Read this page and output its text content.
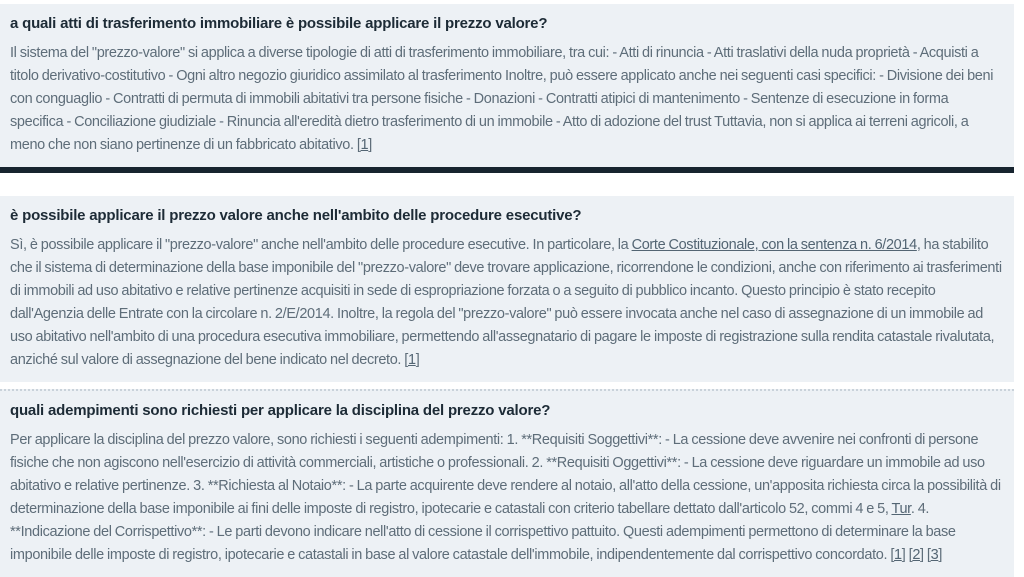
a quali atti di trasferimento immobiliare è possibile applicare il prezzo valore?

Il sistema del "prezzo-valore" si applica a diverse tipologie di atti di trasferimento immobiliare, tra cui: - Atti di rinuncia - Atti traslativi della nuda proprietà - Acquisti a titolo derivativo-costitutivo - Ogni altro negozio giuridico assimilato al trasferimento Inoltre, può essere applicato anche nei seguenti casi specifici: - Divisione dei beni con conguaglio - Contratti di permuta di immobili abitativi tra persone fisiche - Donazioni - Contratti atipici di mantenimento - Sentenze di esecuzione in forma specifica - Conciliazione giudiziale - Rinuncia all'eredità dietro trasferimento di un immobile - Atto di adozione del trust Tuttavia, non si applica ai terreni agricoli, a meno che non siano pertinenze di un fabbricato abitativo. [1]

è possibile applicare il prezzo valore anche nell'ambito delle procedure esecutive?

Sì, è possibile applicare il "prezzo-valore" anche nell'ambito delle procedure esecutive. In particolare, la Corte Costituzionale, con la sentenza n. 6/2014, ha stabilito che il sistema di determinazione della base imponibile del "prezzo-valore" deve trovare applicazione, ricorrendone le condizioni, anche con riferimento ai trasferimenti di immobili ad uso abitativo e relative pertinenze acquisiti in sede di espropriazione forzata o a seguito di pubblico incanto. Questo principio è stato recepito dall'Agenzia delle Entrate con la circolare n. 2/E/2014. Inoltre, la regola del "prezzo-valore" può essere invocata anche nel caso di assegnazione di un immobile ad uso abitativo nell'ambito di una procedura esecutiva immobiliare, permettendo all'assegnatario di pagare le imposte di registrazione sulla rendita catastale rivalutata, anziché sul valore di assegnazione del bene indicato nel decreto. [1]

quali adempimenti sono richiesti per applicare la disciplina del prezzo valore?

Per applicare la disciplina del prezzo valore, sono richiesti i seguenti adempimenti: 1. **Requisiti Soggettivi**: - La cessione deve avvenire nei confronti di persone fisiche che non agiscono nell'esercizio di attività commerciali, artistiche o professionali. 2. **Requisiti Oggettivi**: - La cessione deve riguardare un immobile ad uso abitativo e relative pertinenze. 3. **Richiesta al Notaio**: - La parte acquirente deve rendere al notaio, all'atto della cessione, un'apposita richiesta circa la possibilità di determinazione della base imponibile ai fini delle imposte di registro, ipotecarie e catastali con criterio tabellare dettato dall'articolo 52, commi 4 e 5, Tur. 4. **Indicazione del Corrispettivo**: - Le parti devono indicare nell'atto di cessione il corrispettivo pattuito. Questi adempimenti permettono di determinare la base imponibile delle imposte di registro, ipotecarie e catastali in base al valore catastale dell'immobile, indipendentemente dal corrispettivo concordato. [1] [2] [3]
